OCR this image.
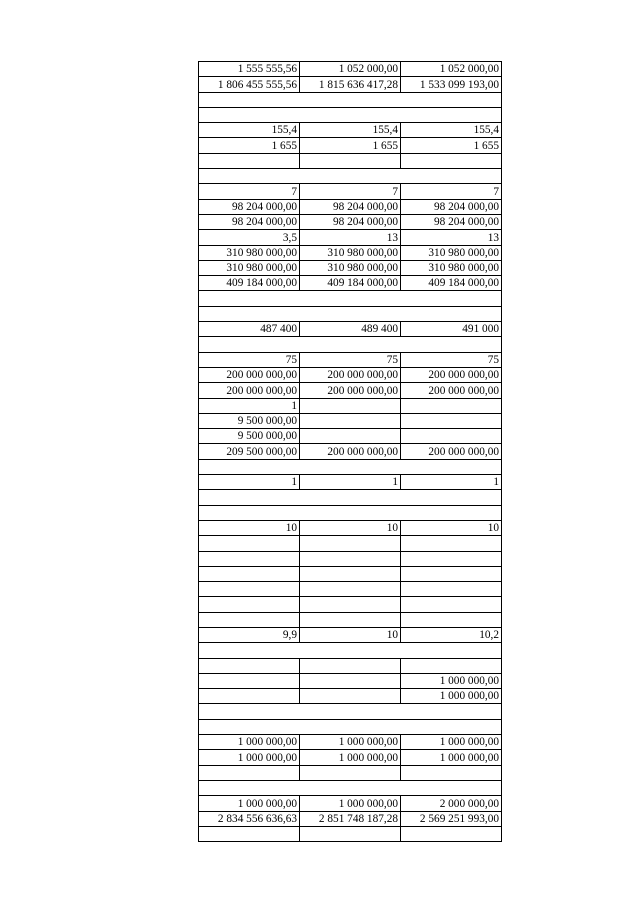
1 555 555,56	1 052 000,00	1 052 000,00
1 806 455 555,56	1 815 636 417,28	1 533 099 193,00

155,4	155,4	155,4
1 655	1 655	1 655

7	7	7
98 204 000,00	98 204 000,00	98 204 000,00
98 204 000,00	98 204 000,00	98 204 000,00
3,5	13	13
310 980 000,00	310 980 000,00	310 980 000,00
310 980 000,00	310 980 000,00	310 980 000,00
409 184 000,00	409 184 000,00	409 184 000,00

487 400	489 400	491 000

75	75	75
200 000 000,00	200 000 000,00	200 000 000,00
200 000 000,00	200 000 000,00	200 000 000,00
1		
9 500 000,00		
9 500 000,00		
209 500 000,00	200 000 000,00	200 000 000,00

1	1	1

10	10	10

9,9	10	10,2

		1 000 000,00
		1 000 000,00

1 000 000,00	1 000 000,00	1 000 000,00
1 000 000,00	1 000 000,00	1 000 000,00

1 000 000,00	1 000 000,00	2 000 000,00
2 834 556 636,63	2 851 748 187,28	2 569 251 993,00
